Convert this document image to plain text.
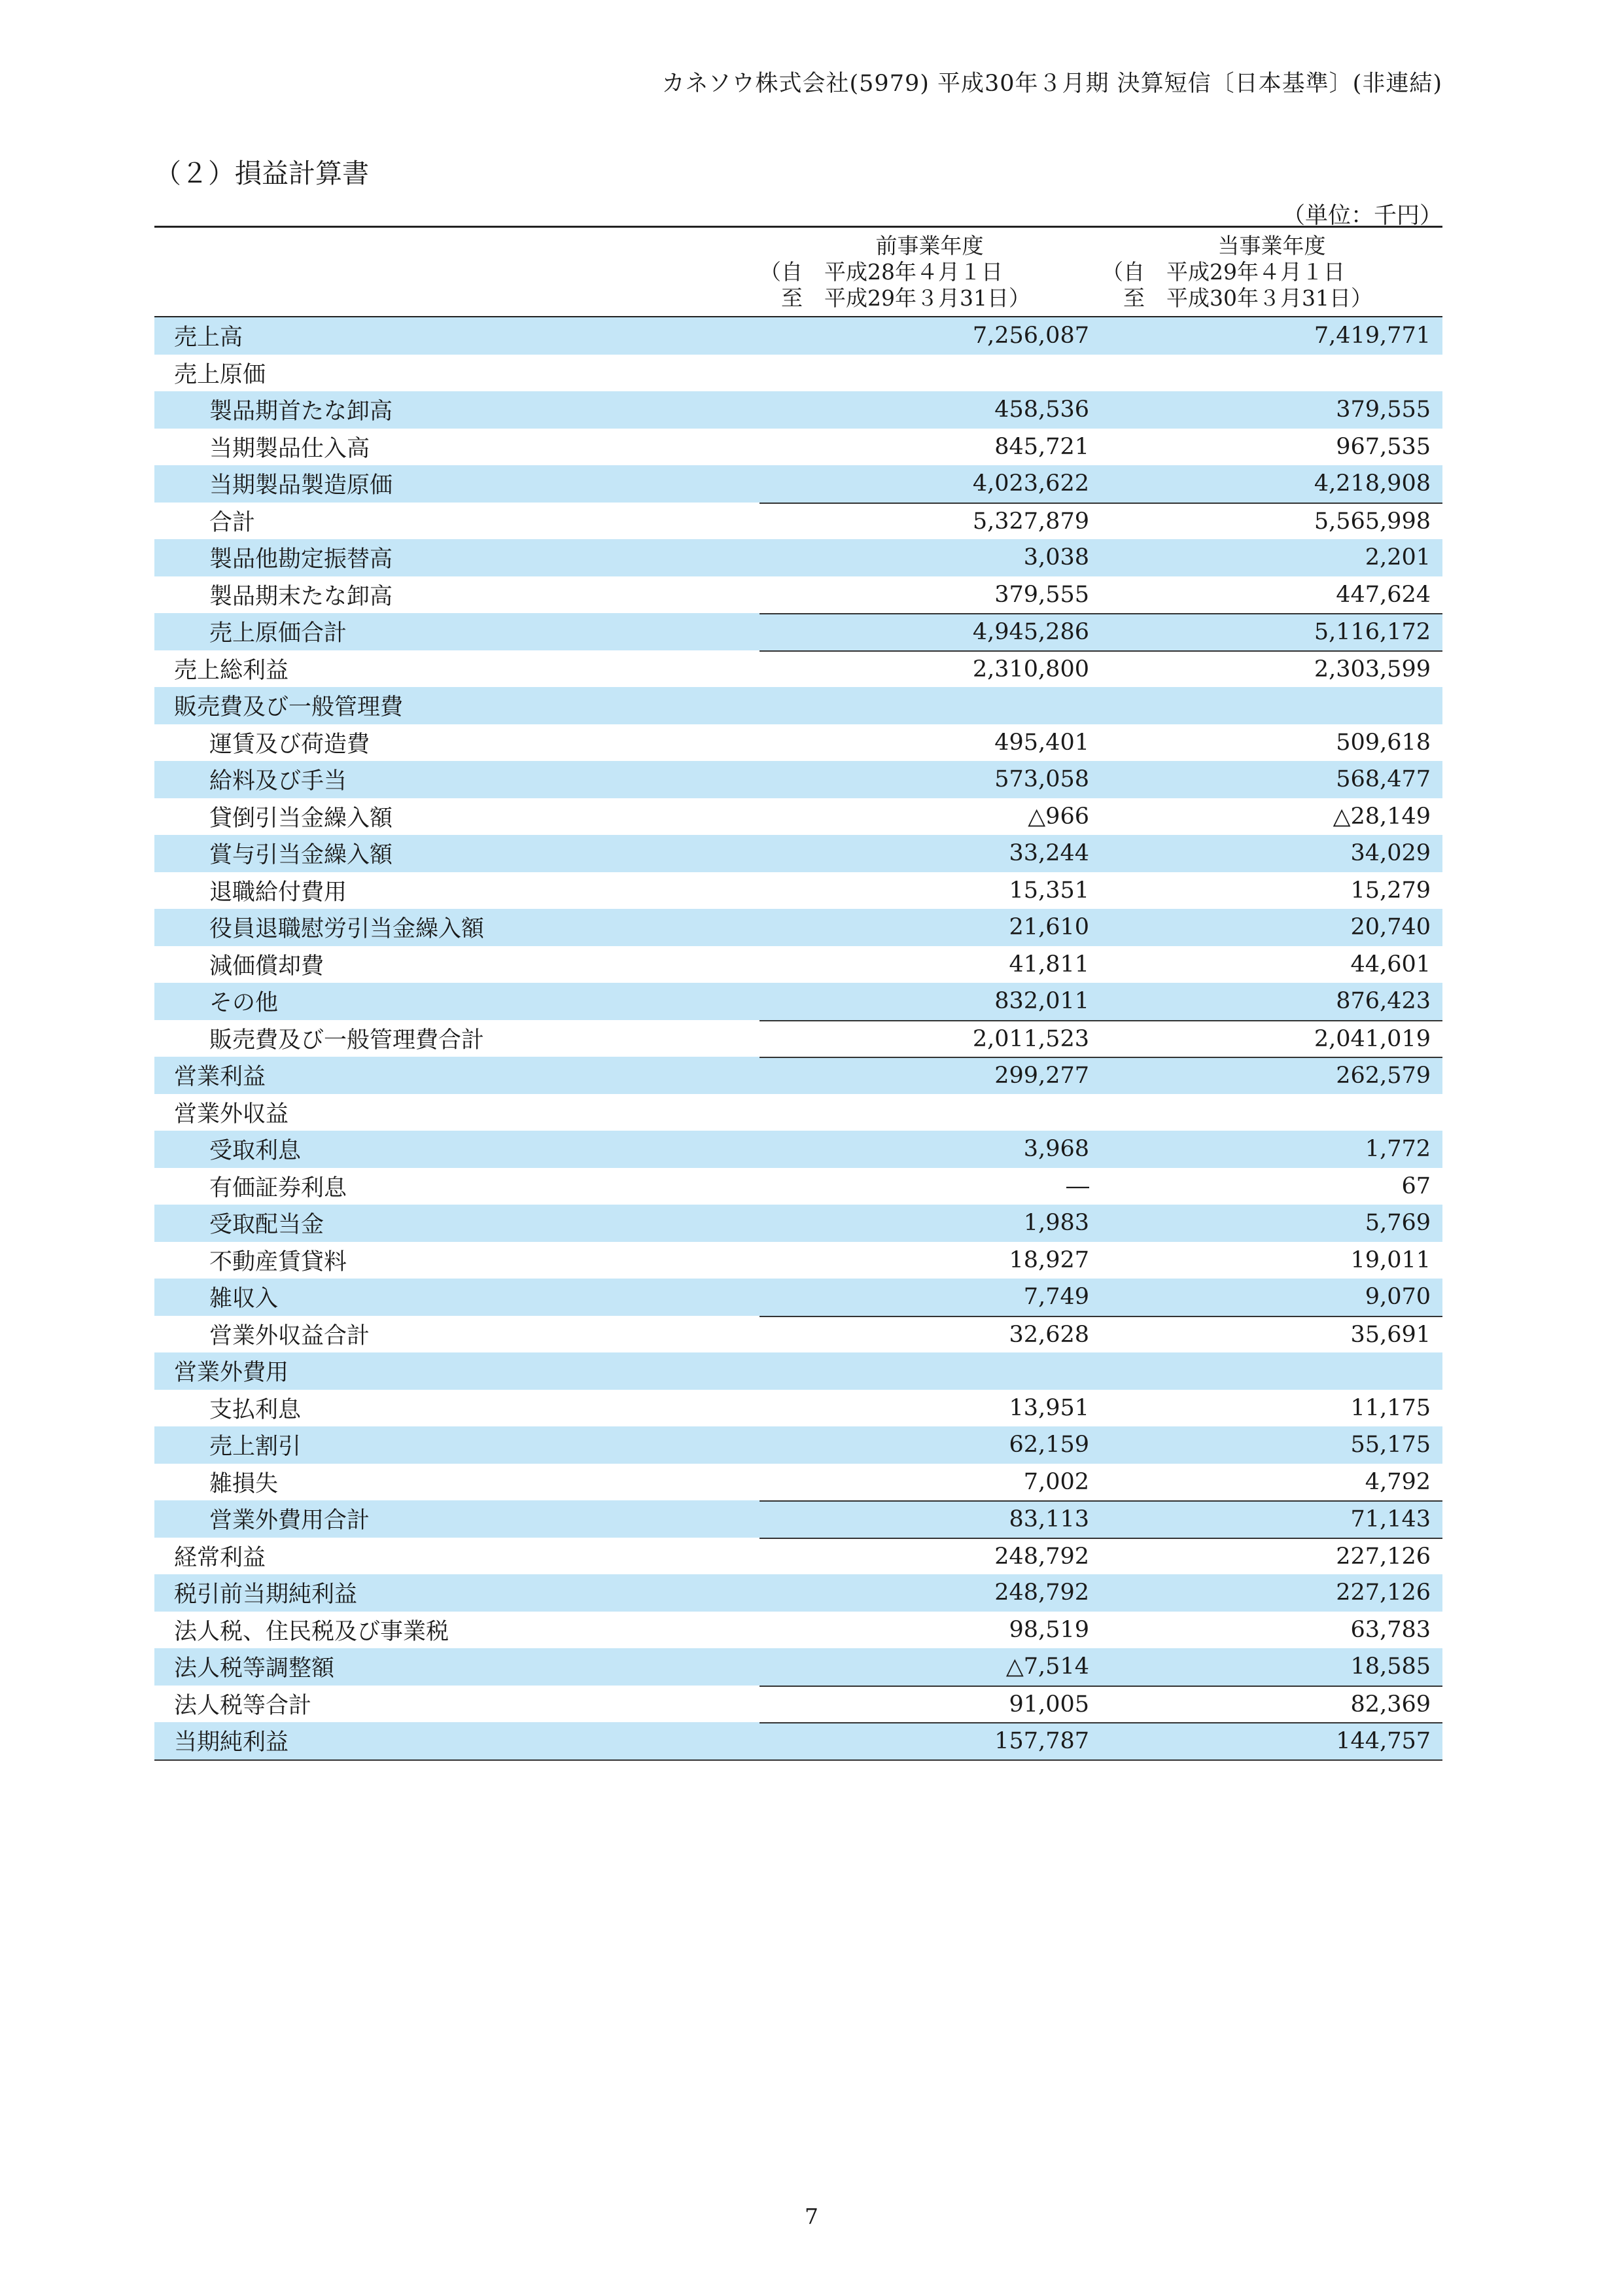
カネソウ株式会社(5979) 平成30年３月期 決算短信〔日本基準〕(非連結)
（２）損益計算書
（単位：千円）
前事業年度
（自　平成28年４月１日
　至　平成29年３月31日）
当事業年度
（自　平成29年４月１日
　至　平成30年３月31日）
売上高	7,256,087	7,419,771
売上原価
製品期首たな卸高	458,536	379,555
当期製品仕入高	845,721	967,535
当期製品製造原価	4,023,622	4,218,908
合計	5,327,879	5,565,998
製品他勘定振替高	3,038	2,201
製品期末たな卸高	379,555	447,624
売上原価合計	4,945,286	5,116,172
売上総利益	2,310,800	2,303,599
販売費及び一般管理費
運賃及び荷造費	495,401	509,618
給料及び手当	573,058	568,477
貸倒引当金繰入額	△966	△28,149
賞与引当金繰入額	33,244	34,029
退職給付費用	15,351	15,279
役員退職慰労引当金繰入額	21,610	20,740
減価償却費	41,811	44,601
その他	832,011	876,423
販売費及び一般管理費合計	2,011,523	2,041,019
営業利益	299,277	262,579
営業外収益
受取利息	3,968	1,772
有価証券利息	―	67
受取配当金	1,983	5,769
不動産賃貸料	18,927	19,011
雑収入	7,749	9,070
営業外収益合計	32,628	35,691
営業外費用
支払利息	13,951	11,175
売上割引	62,159	55,175
雑損失	7,002	4,792
営業外費用合計	83,113	71,143
経常利益	248,792	227,126
税引前当期純利益	248,792	227,126
法人税、住民税及び事業税	98,519	63,783
法人税等調整額	△7,514	18,585
法人税等合計	91,005	82,369
当期純利益	157,787	144,757
7
